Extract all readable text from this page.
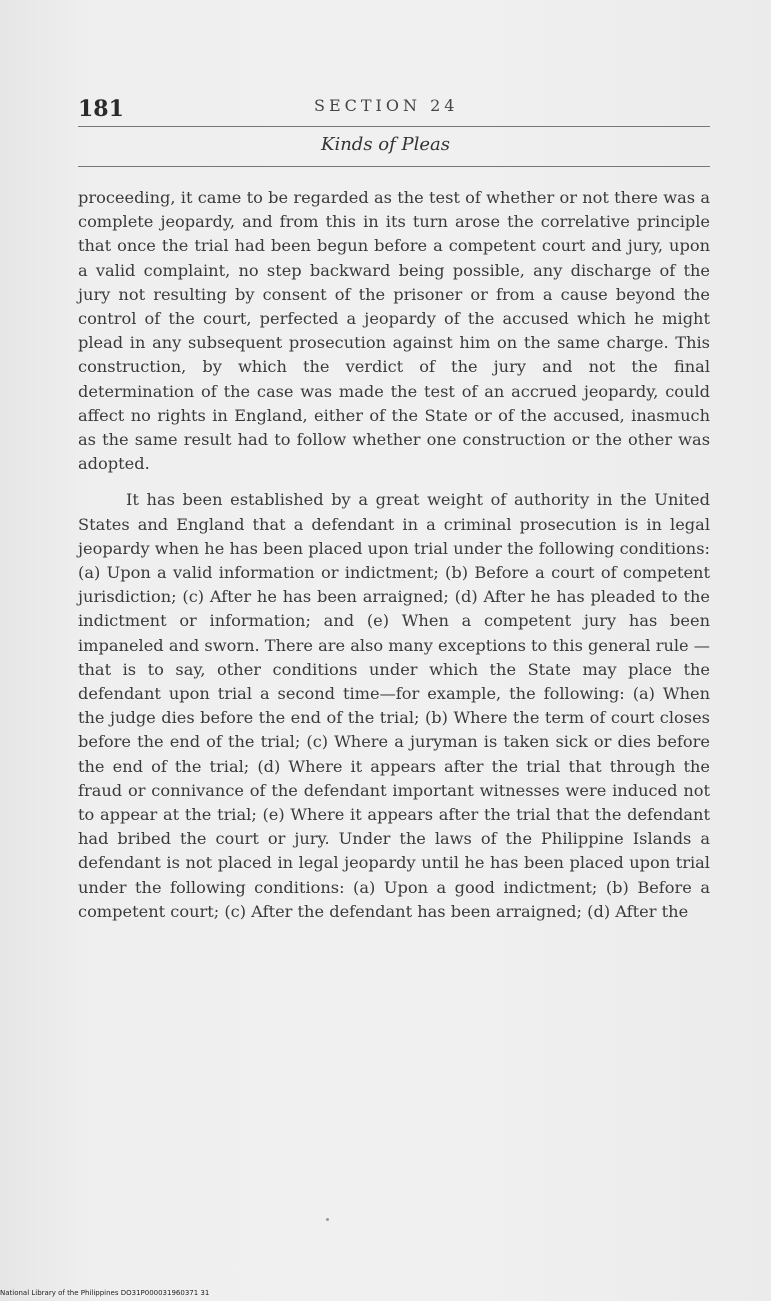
181	SECTION 24
Kinds of Pleas

proceeding, it came to be regarded as the test of whether or not there was a complete jeopardy, and from this in its turn arose the correlative principle that once the trial had been begun before a competent court and jury, upon a valid complaint, no step backward being possible, any discharge of the jury not resulting by consent of the prisoner or from a cause beyond the control of the court, perfected a jeopardy of the accused which he might plead in any subsequent prosecution against him on the same charge. This construction, by which the verdict of the jury and not the final determination of the case was made the test of an accrued jeopardy, could affect no rights in England, either of the State or of the accused, inasmuch as the same result had to follow whether one construction or the other was adopted.

It has been established by a great weight of authority in the United States and England that a defendant in a criminal prosecution is in legal jeopardy when he has been placed upon trial under the following conditions: (a) Upon a valid information or indictment; (b) Before a court of competent jurisdiction; (c) After he has been arraigned; (d) After he has pleaded to the indictment or information; and (e) When a competent jury has been impaneled and sworn. There are also many exceptions to this general rule —that is to say, other conditions under which the State may place the defendant upon trial a second time—for example, the following: (a) When the judge dies before the end of the trial; (b) Where the term of court closes before the end of the trial; (c) Where a juryman is taken sick or dies before the end of the trial; (d) Where it appears after the trial that through the fraud or connivance of the defendant important witnesses were induced not to appear at the trial; (e) Where it appears after the trial that the defendant had bribed the court or jury. Under the laws of the Philippine Islands a defendant is not placed in legal jeopardy until he has been placed upon trial under the following conditions: (a) Upon a good indictment; (b) Before a competent court; (c) After the defendant has been arraigned; (d) After the

National Library of the Philippines DO31P000031960371 31
